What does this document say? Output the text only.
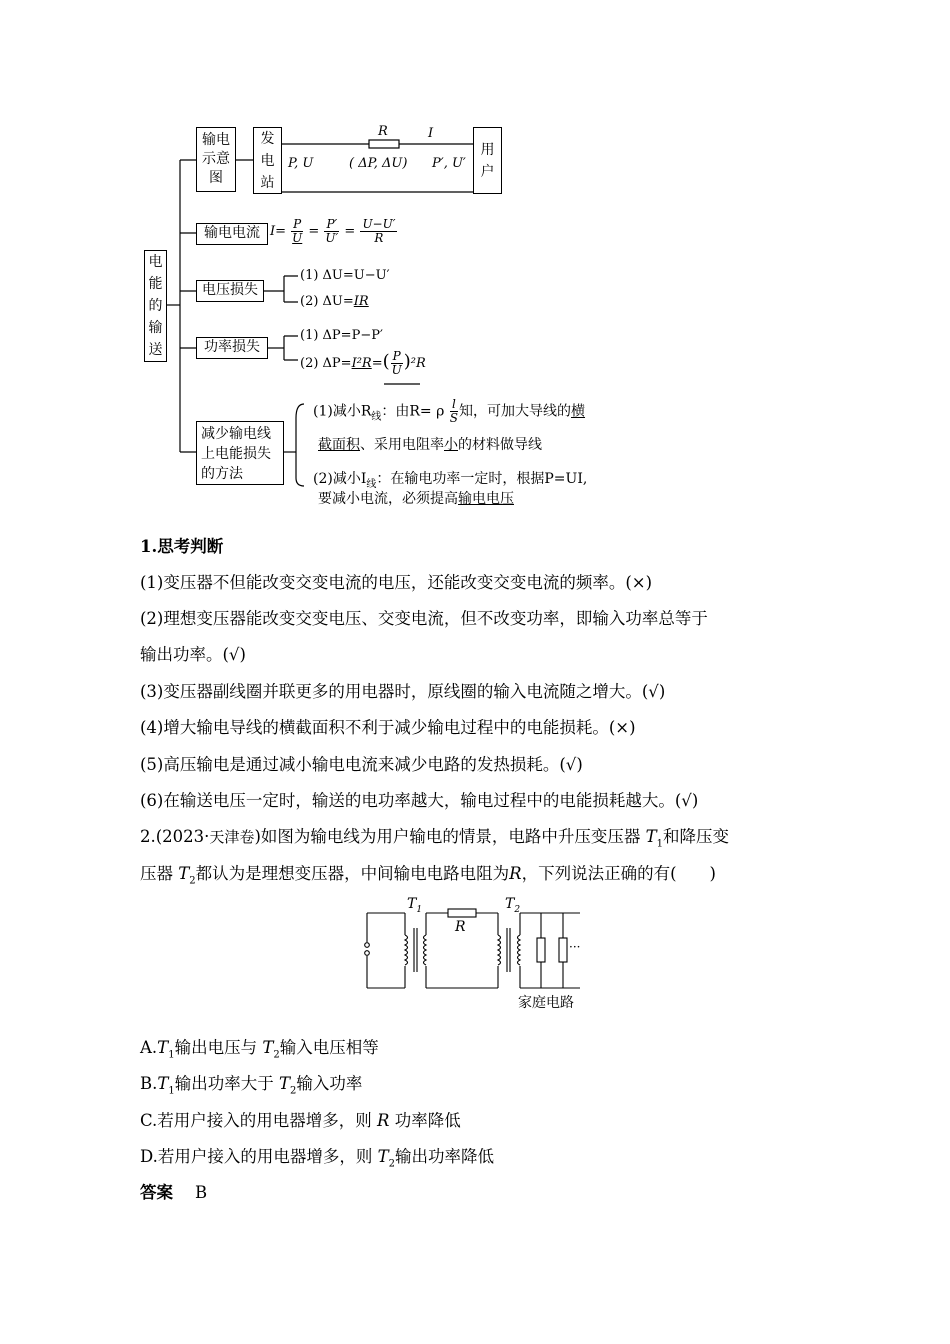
电
能
的
输
送
输电示意图
发
电
站
用
户
R	I
P, U	( ΔP, ΔU) P′, U′
输电电流 $I= \frac{P}{U} = \frac{P'}{U'} = \frac{U-U'}{R}$
电压损失
(1) ΔU=U−U′
(2) ΔU=IR
功率损失
(1) ΔP=P−P′
(2) $\Delta P=I^2R=( \frac{P}{U} )^2R$
减少输电线上电能损失的方法
(1)减小$R_线$：由R= ρ $\frac{l}{S}$ 知，可加大导线的横
截面积、采用电阻率小的材料做导线
(2)减小$I_线$：在输电功率一定时，根据P=UI,
要减小电流，必须提高输电电压
1.思考判断
(1)变压器不但能改变交变电流的电压，还能改变交变电流的频率。(×)
(2)理想变压器能改变交变电压、交变电流，但不改变功率，即输入功率总等于
输出功率。(√)
(3)变压器副线圈并联更多的用电器时，原线圈的输入电流随之增大。(√)
(4)增大输电导线的横截面积不利于减少输电过程中的电能损耗。(×)
(5)高压输电是通过减小输电电流来减少电路的发热损耗。(√)
(6)在输送电压一定时，输送的电功率越大，输电过程中的电能损耗越大。(√)
2.(2023·天津卷)如图为输电线为用户输电的情景，电路中升压变压器 $T_1$和降压变
压器 $T_2$都认为是理想变压器，中间输电电路电阻为R，下列说法正确的有(　　)
$T_1$	$T_2$
R
···
家庭电路
$A.T_1$输出电压与 $T_2$输入电压相等
$B.T_1$输出功率大于 $T_2$输入功率
C.若用户接入的用电器增多，则 R 功率降低
D.若用户接入的用电器增多，则 $T_2$输出功率降低
答案 B
